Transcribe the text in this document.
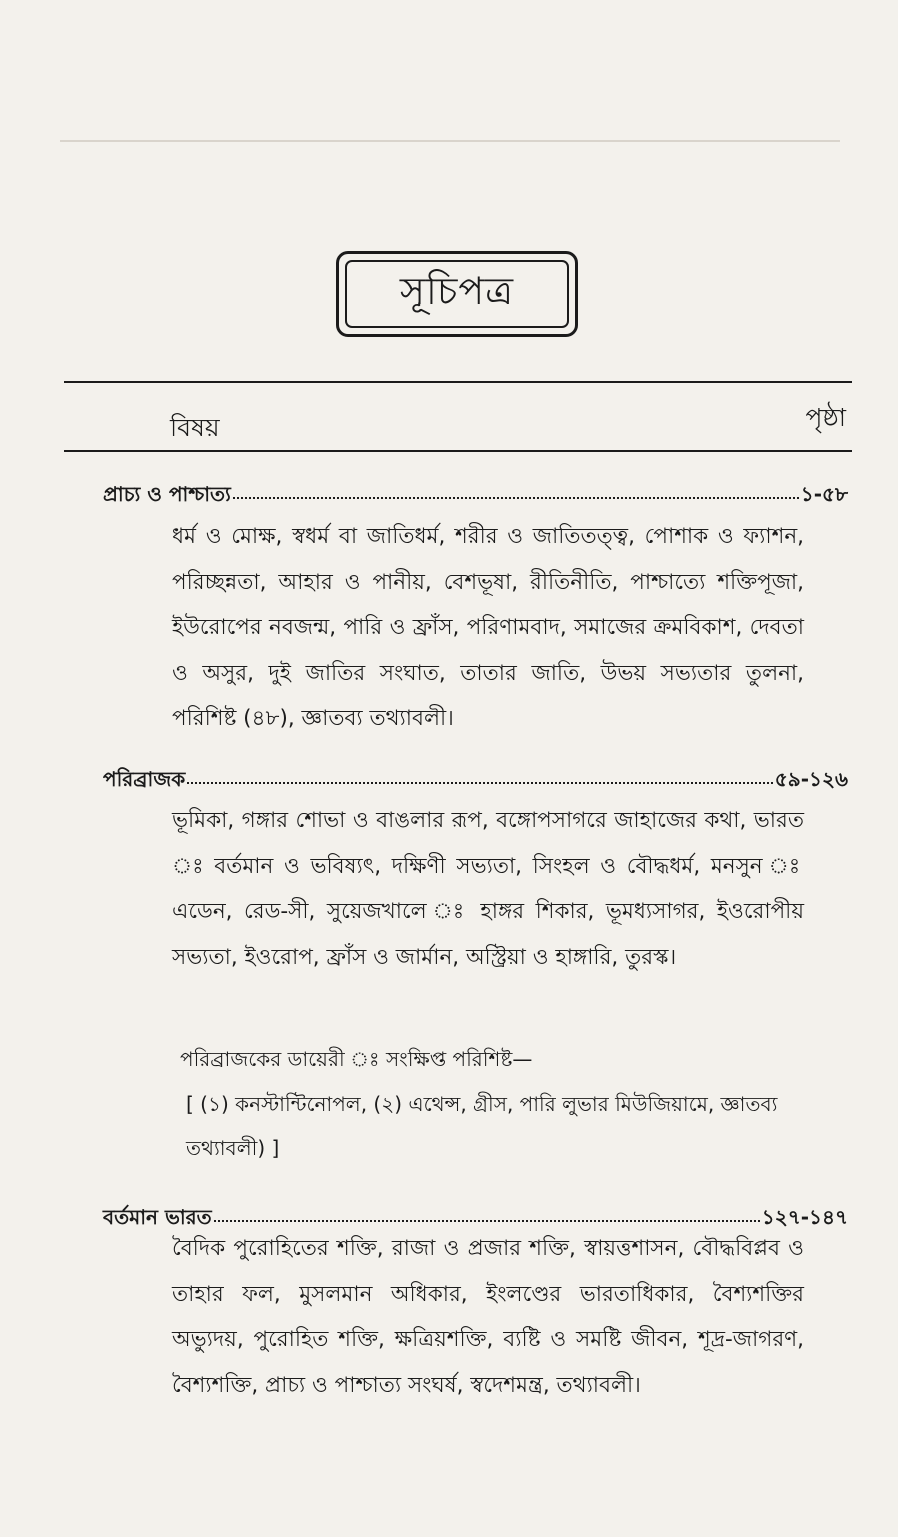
সূচিপত্র
বিষয়	পৃষ্ঠা
প্রাচ্য ও পাশ্চাত্য	১-৫৮

ধর্ম ও মোক্ষ, স্বধর্ম বা জাতিধর্ম, শরীর ও জাতিতত্ত্ব, পোশাক ও ফ্যাশন, পরিচ্ছন্নতা, আহার ও পানীয়, বেশভূষা, রীতিনীতি, পাশ্চাত্যে শক্তিপূজা, ইউরোপের নবজন্ম, পারি ও ফ্রাঁস, পরিণামবাদ, সমাজের ক্রমবিকাশ, দেবতা ও অসুর, দুই জাতির সংঘাত, তাতার জাতি, উভয় সভ্যতার তুলনা, পরিশিষ্ট (৪৮), জ্ঞাতব্য তথ্যাবলী।

পরিব্রাজক	৫৯-১২৬

ভূমিকা, গঙ্গার শোভা ও বাঙলার রূপ, বঙ্গোপসাগরে জাহাজের কথা, ভারত ঃ বর্তমান ও ভবিষ্যৎ, দক্ষিণী সভ্যতা, সিংহল ও বৌদ্ধধর্ম, মনসুন ঃ এডেন, রেড-সী, সুয়েজখালে ঃ হাঙ্গর শিকার, ভূমধ্যসাগর, ইওরোপীয় সভ্যতা, ইওরোপ, ফ্রাঁস ও জার্মান, অস্ট্রিয়া ও হাঙ্গারি, তুরস্ক।

পরিব্রাজকের ডায়েরী ঃ সংক্ষিপ্ত পরিশিষ্ট—
[ (১) কনস্টান্টিনোপল, (২) এথেন্স, গ্রীস, পারি লুভার মিউজিয়ামে, জ্ঞাতব্য তথ্যাবলী) ]
বর্তমান ভারত	১২৭-১৪৭

বৈদিক পুরোহিতের শক্তি, রাজা ও প্রজার শক্তি, স্বায়ত্তশাসন, বৌদ্ধবিপ্লব ও তাহার ফল, মুসলমান অধিকার, ইংলণ্ডের ভারতাধিকার, বৈশ্যশক্তির অভ্যুদয়, পুরোহিত শক্তি, ক্ষত্রিয়শক্তি, ব্যষ্টি ও সমষ্টি জীবন, শূদ্র-জাগরণ, বৈশ্যশক্তি, প্রাচ্য ও পাশ্চাত্য সংঘর্ষ, স্বদেশমন্ত্র, তথ্যাবলী।
